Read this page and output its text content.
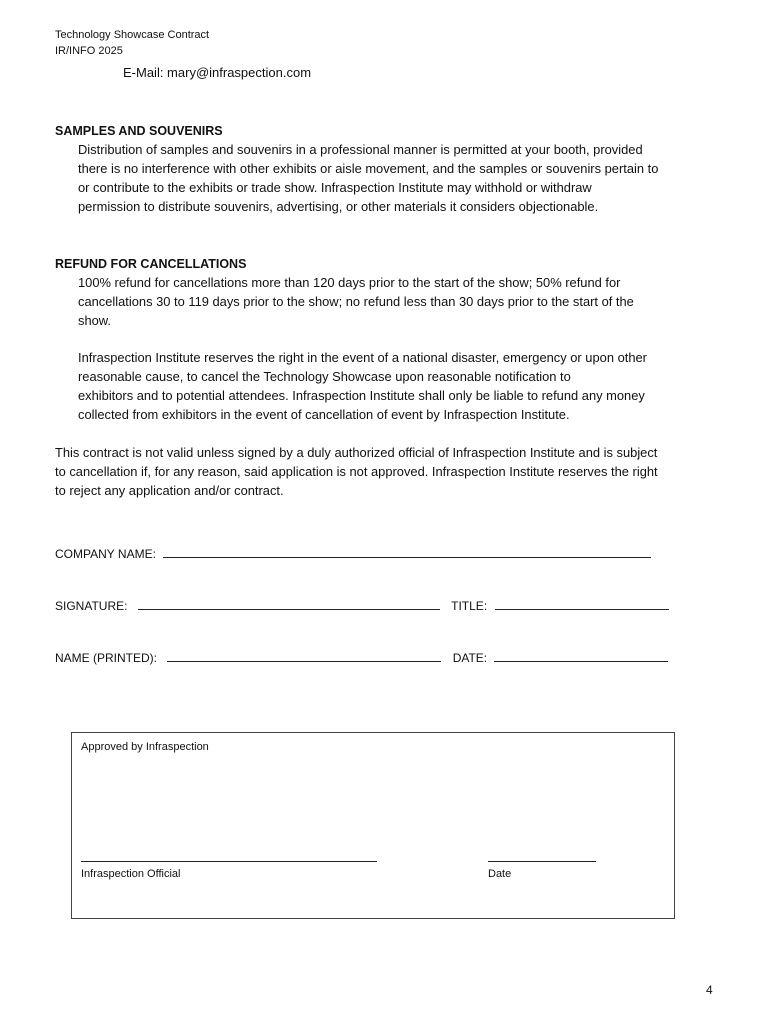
Technology Showcase Contract
IR/INFO 2025
E-Mail: mary@infraspection.com
SAMPLES AND SOUVENIRS
Distribution of samples and souvenirs in a professional manner is permitted at your booth, provided
there is no interference with other exhibits or aisle movement, and the samples or souvenirs pertain to
or contribute to the exhibits or trade show. Infraspection Institute may withhold or withdraw
permission to distribute souvenirs, advertising, or other materials it considers objectionable.
REFUND FOR CANCELLATIONS
100% refund for cancellations more than 120 days prior to the start of the show; 50% refund for
cancellations 30 to 119 days prior to the show; no refund less than 30 days prior to the start of the
show.
Infraspection Institute reserves the right in the event of a national disaster, emergency or upon other
reasonable cause, to cancel the Technology Showcase upon reasonable notification to
exhibitors and to potential attendees. Infraspection Institute shall only be liable to refund any money
collected from exhibitors in the event of cancellation of event by Infraspection Institute.
This contract is not valid unless signed by a duly authorized official of Infraspection Institute and is subject
to cancellation if, for any reason, said application is not approved. Infraspection Institute reserves the right
to reject any application and/or contract.
COMPANY NAME:
SIGNATURE:	TITLE:
NAME (PRINTED):	DATE:
Approved by Infraspection
Infraspection Official	Date
4
